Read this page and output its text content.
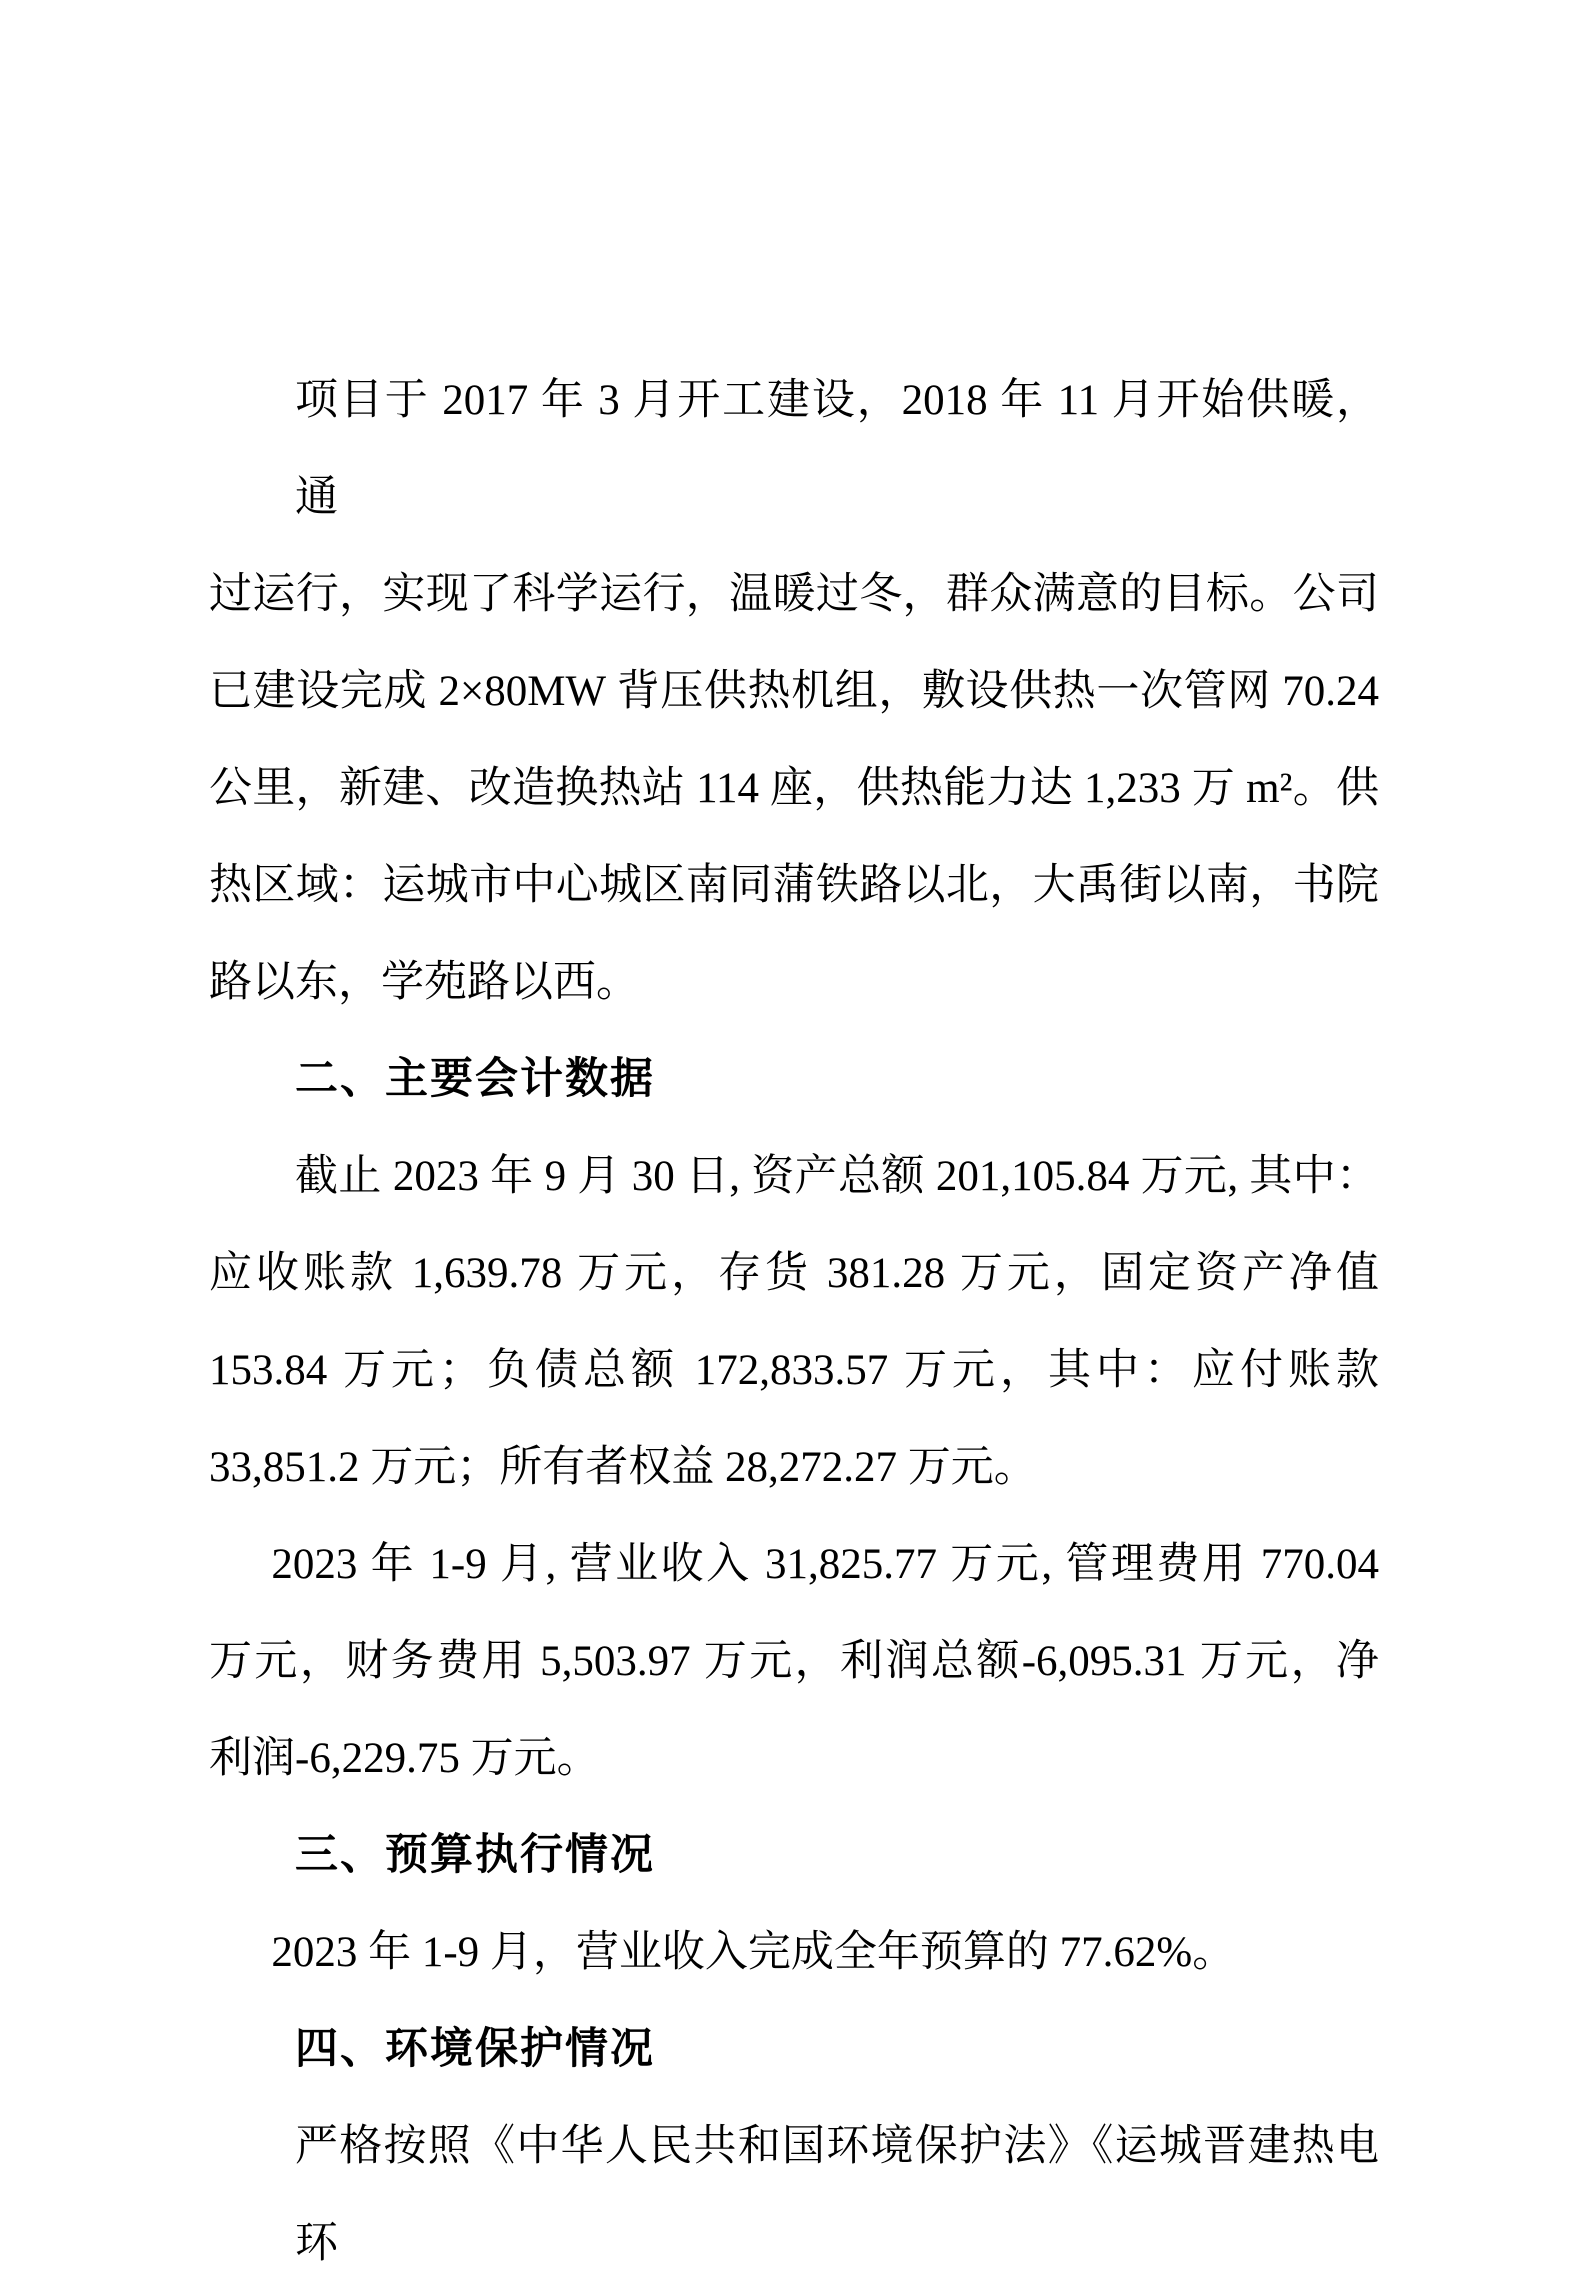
项目于 2017 年 3 月开工建设，2018 年 11 月开始供暖，通
过运行，实现了科学运行，温暖过冬，群众满意的目标。公司
已建设完成 2×80MW 背压供热机组，敷设供热一次管网 70.24
公里，新建、改造换热站 114 座，供热能力达 1,233 万 m²。供
热区域：运城市中心城区南同蒲铁路以北，大禹街以南，书院
路以东，学苑路以西。
二、主要会计数据
截止 2023 年 9 月 30 日, 资产总额 201,105.84 万元, 其中：
应收账款 1,639.78 万元，存货 381.28 万元，固定资产净值
153.84 万元；负债总额 172,833.57 万元，其中：应付账款
33,851.2 万元；所有者权益 28,272.27 万元。
2023 年 1-9 月, 营业收入 31,825.77 万元, 管理费用 770.04
万元，财务费用 5,503.97 万元，利润总额-6,095.31 万元，净
利润-6,229.75 万元。
三、预算执行情况
2023 年 1-9 月，营业收入完成全年预算的 77.62%。
四、环境保护情况
严格按照《中华人民共和国环境保护法》《运城晋建热电环
